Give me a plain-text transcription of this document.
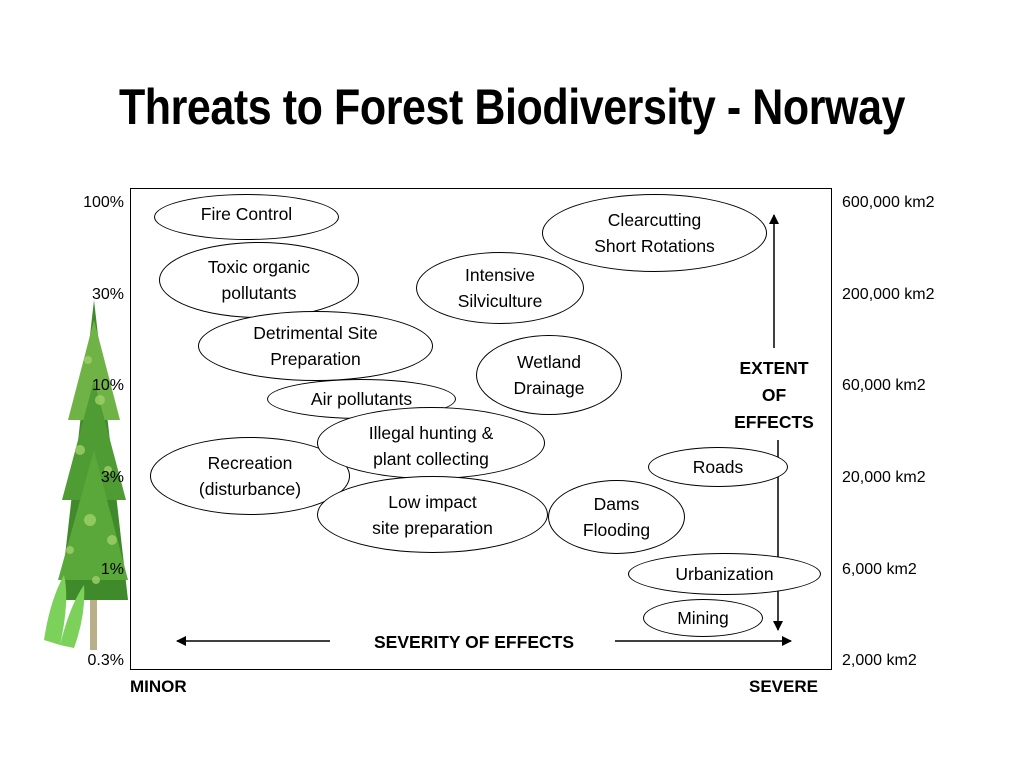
Threats to Forest Biodiversity - Norway
100%
30%
10%
3%
1%
0.3%
600,000 km2
200,000 km2
60,000 km2
20,000 km2
6,000 km2
2,000 km2
MINOR	SEVERE
Fire Control	Clearcutting
Short Rotations
Toxic organic
pollutants
Intensive
Silviculture
Detrimental Site
Preparation	Wetland
Drainage
Recreation
(disturbance)
Air pollutants
Illegal hunting &
plant collecting	Roads
Low impact
site preparation
Dams
Flooding
Urbanization
Mining
SEVERITY OF EFFECTS
EXTENT
OF
EFFECTS
